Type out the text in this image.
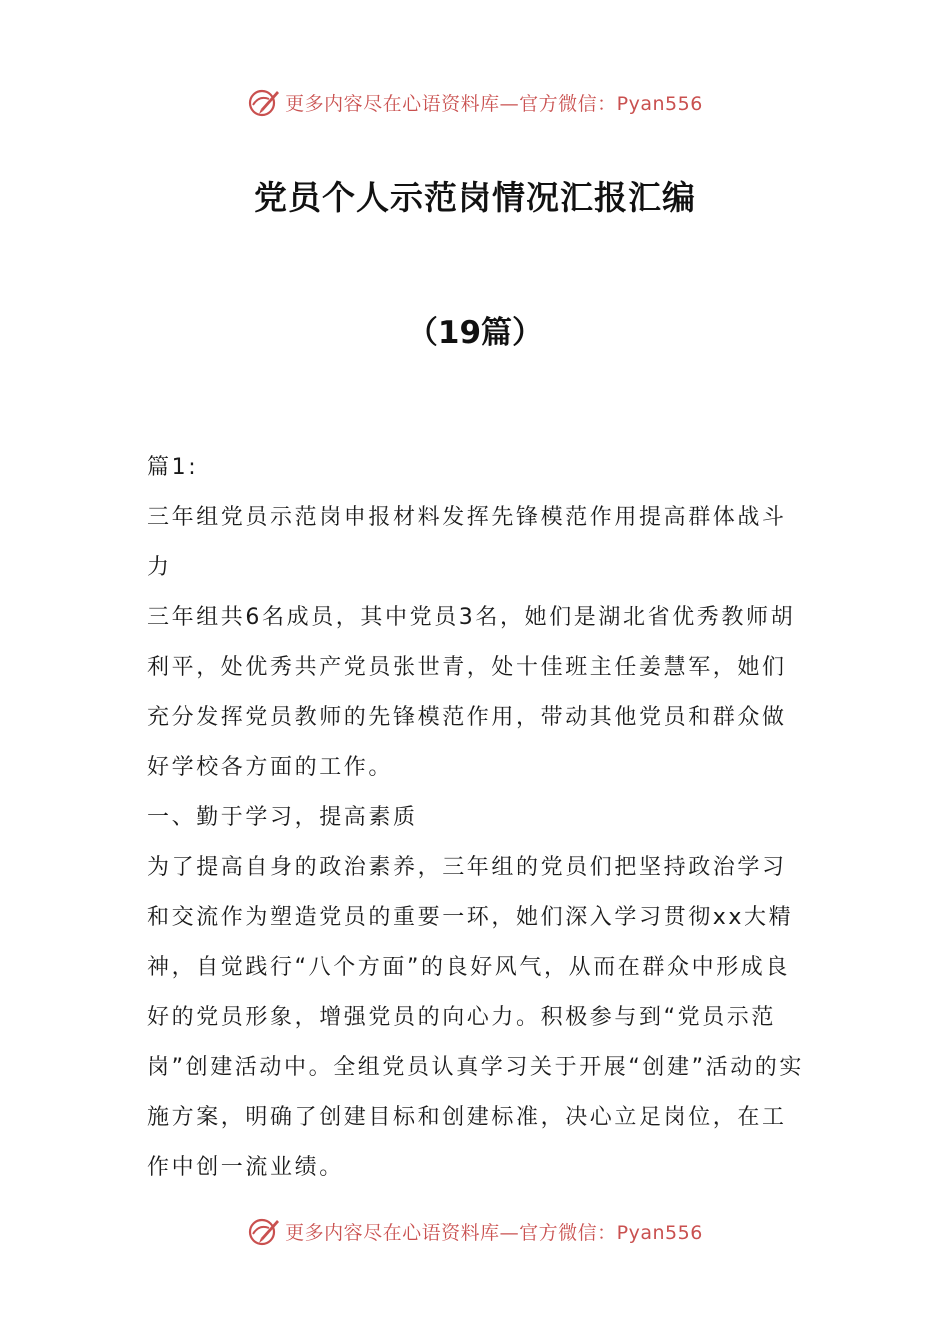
更多内容尽在心语资料库—官方微信：Pyan556
党员个人示范岗情况汇报汇编
（19篇）

篇1:

三年组党员示范岗申报材料发挥先锋模范作用提高群体战斗力

三年组共6名成员，其中党员3名，她们是湖北省优秀教师胡利平，处优秀共产党员张世青，处十佳班主任姜慧军，她们充分发挥党员教师的先锋模范作用，带动其他党员和群众做好学校各方面的工作。

一、勤于学习，提高素质

为了提高自身的政治素养，三年组的党员们把坚持政治学习和交流作为塑造党员的重要一环，她们深入学习贯彻xx大精神，自觉践行“八个方面”的良好风气，从而在群众中形成良好的党员形象，增强党员的向心力。积极参与到“党员示范岗”创建活动中。全组党员认真学习关于开展“创建”活动的实施方案，明确了创建目标和创建标准，决心立足岗位，在工作中创一流业绩。

更多内容尽在心语资料库—官方微信：Pyan556
